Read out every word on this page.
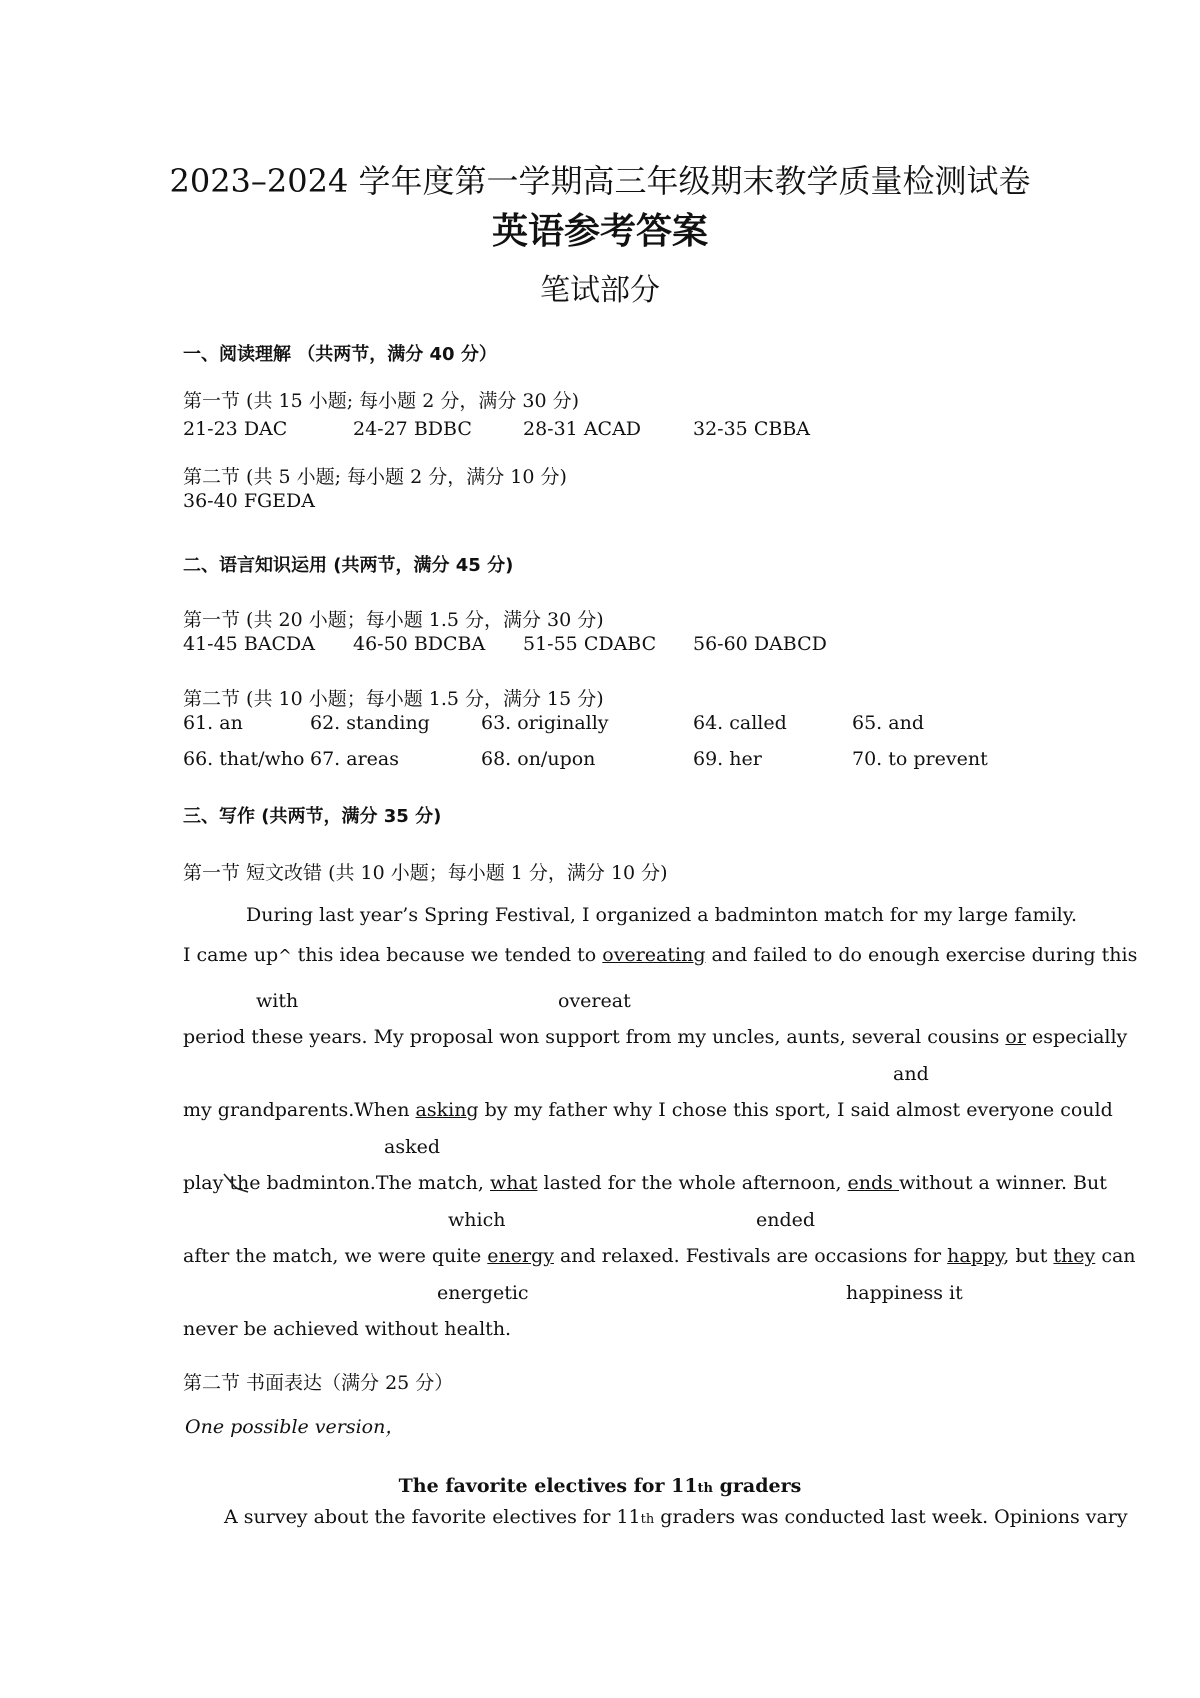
2023–2024 学年度第一学期高三年级期末教学质量检测试卷
英语参考答案
笔试部分
一、阅读理解 （共两节，满分 40 分）
第一节 (共 15 小题; 每小题 2 分，满分 30 分)
21-23 DAC	24-27 BDBC	28-31 ACAD	32-35 CBBA
第二节 (共 5 小题; 每小题 2 分，满分 10 分)
36-40 FGEDA
二、语言知识运用 (共两节，满分 45 分)
第一节 (共 20 小题；每小题 1.5 分，满分 30 分)
41-45 BACDA 46-50 BDCBA 51-55 CDABC 56-60 DABCD
第二节 (共 10 小题；每小题 1.5 分，满分 15 分)
61. an	62. standing	63. originally	64. called	65. and
66. that/who 67. areas	68. on/upon	69. her	70. to prevent
三、写作 (共两节，满分 35 分)
第一节 短文改错 (共 10 小题；每小题 1 分，满分 10 分)
During last year’s Spring Festival, I organized a badminton match for my large family.
I came up^ this idea because we tended to overeating and failed to do enough exercise during this
with	overeat
period these years. My proposal won support from my uncles, aunts, several cousins or especially
and
my grandparents.When asking by my father why I chose this sport, I said almost everyone could
asked
play the badminton.The match, what lasted for the whole afternoon, ends without a winner. But
which	ended
after the match, we were quite energy and relaxed. Festivals are occasions for happy, but they can
energetic	happiness it
never be achieved without health.
第二节 书面表达（满分 25 分）
One possible version，
The favorite electives for 11th graders
A survey about the favorite electives for 11th graders was conducted last week. Opinions vary
